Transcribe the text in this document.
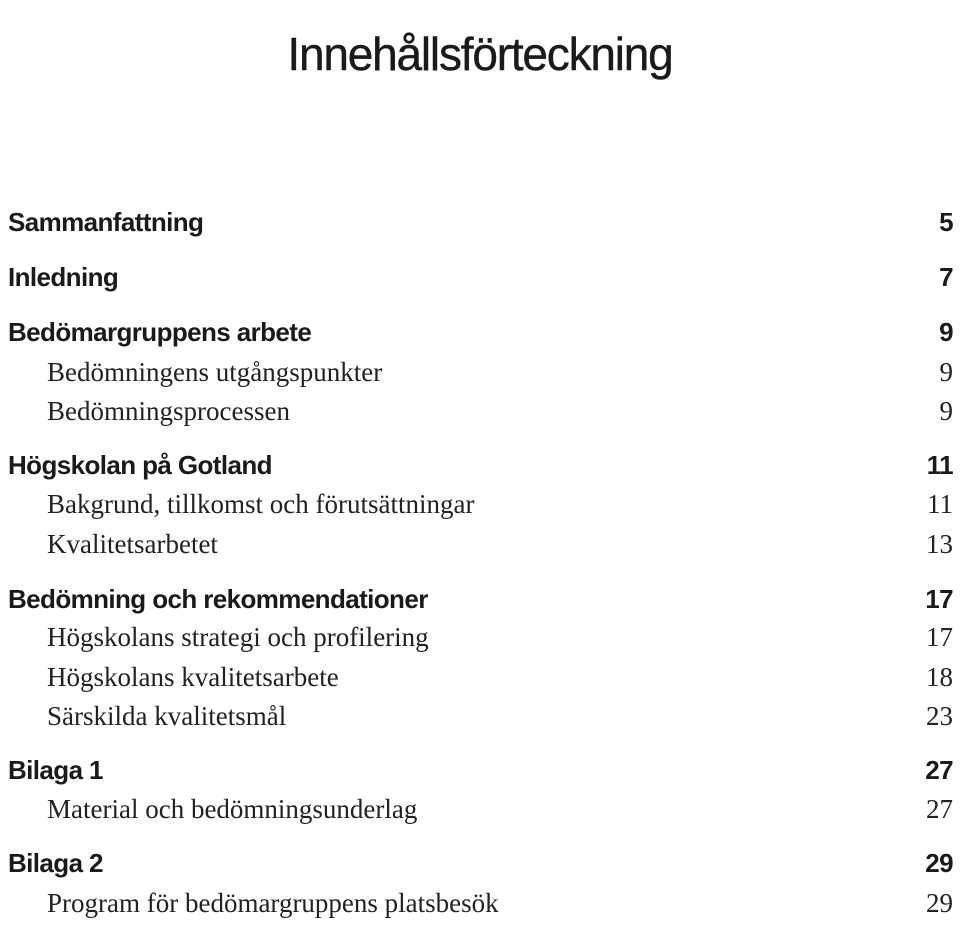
Innehållsförteckning
Sammanfattning	5
Inledning	7
Bedömargruppens arbete	9
Bedömningens utgångspunkter	9
Bedömningsprocessen	9
Högskolan på Gotland	11
Bakgrund, tillkomst och förutsättningar	11
Kvalitetsarbetet	13
Bedömning och rekommendationer	17
Högskolans strategi och profilering	17
Högskolans kvalitetsarbete	18
Särskilda kvalitetsmål	23
Bilaga 1	27
Material och bedömningsunderlag	27
Bilaga 2	29
Program för bedömargruppens platsbesök	29
